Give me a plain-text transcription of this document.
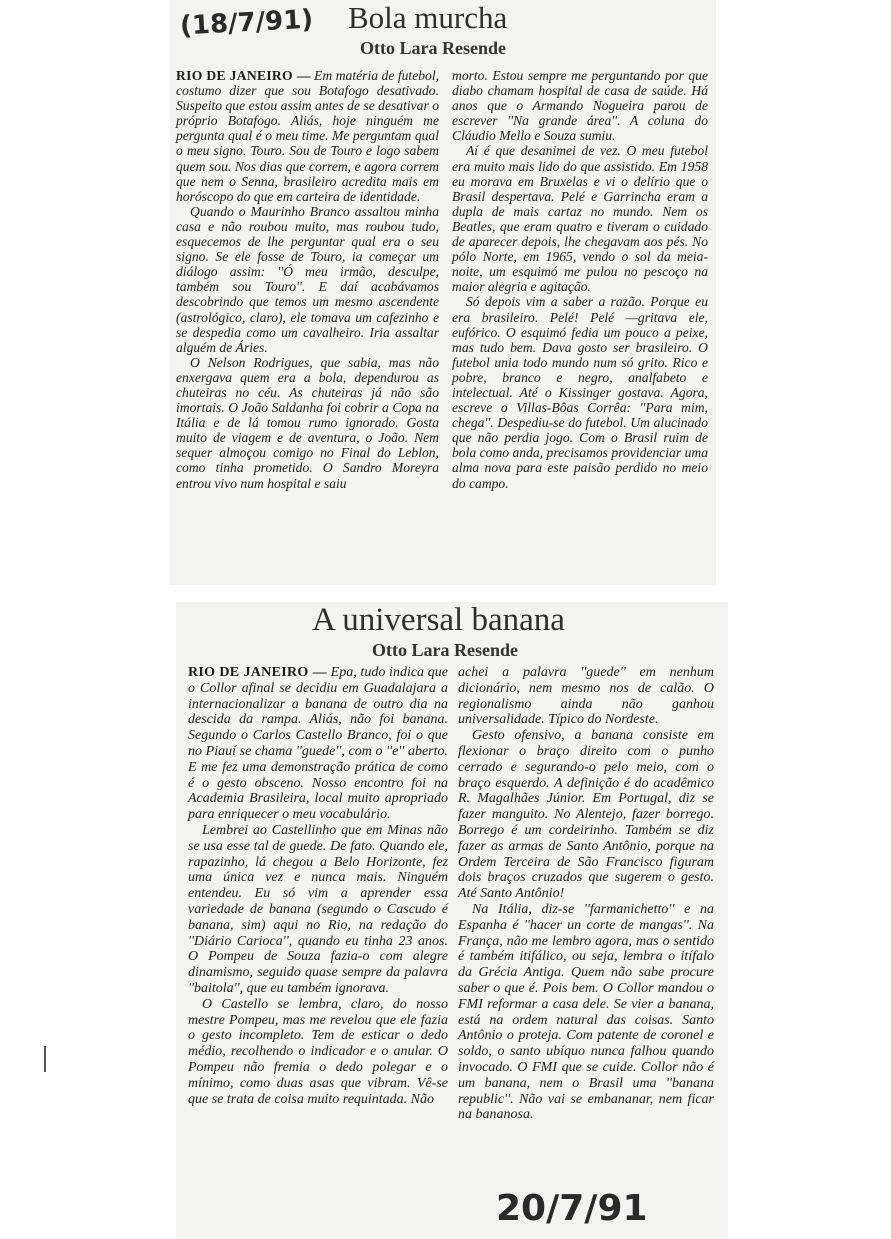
(18/7/91) Bola murcha
Otto Lara Resende

RIO DE JANEIRO — Em matéria de futebol, costumo dizer que sou Botafogo desativado. Suspeito que estou assim antes de se desativar o próprio Botafogo. Aliás, hoje ninguém me pergunta qual é o meu time. Me perguntam qual o meu signo. Touro. Sou de Touro e logo sabem quem sou. Nos dias que correm, e agora correm que nem o Senna, brasileiro acredita mais em horóscopo do que em carteira de identidade.

Quando o Maurinho Branco assaltou minha casa e não roubou muito, mas roubou tudo, esquecemos de lhe perguntar qual era o seu signo. Se ele fosse de Touro, ia começar um diálogo assim: ''Ó meu irmão, desculpe, também sou Touro''. E daí acabávamos descobrindo que temos um mesmo ascendente (astrológico, claro), ele tomava um cafezinho e se despedia como um cavalheiro. Iria assaltar alguém de Áries.

O Nelson Rodrigues, que sabia, mas não enxergava quem era a bola, dependurou as chuteiras no céu. As chuteiras já não são imortais. O João Saldanha foi cobrir a Copa na Itália e de lá tomou rumo ignorado. Gosta muito de viagem e de aventura, o João. Nem sequer almoçou comigo no Final do Leblon, como tinha prometido. O Sandro Moreyra entrou vivo num hospital e saiu

morto. Estou sempre me perguntando por que diabo chamam hospital de casa de saúde. Há anos que o Armando Nogueira parou de escrever ''Na grande área''. A coluna do Cláudio Mello e Souza sumiu.

Aí é que desanimei de vez. O meu futebol era muito mais lido do que assistido. Em 1958 eu morava em Bruxelas e vi o delírio que o Brasil despertava. Pelé e Garrincha eram a dupla de mais cartaz no mundo. Nem os Beatles, que eram quatro e tiveram o cuidado de aparecer depois, lhe chegavam aos pés. No pólo Norte, em 1965, vendo o sol da meia-noite, um esquimó me pulou no pescoço na maior alegria e agitação.

Só depois vim a saber a razão. Porque eu era brasileiro. Pelé! Pelé —gritava ele, eufórico. O esquimó fedia um pouco a peixe, mas tudo bem. Dava gosto ser brasileiro. O futebol unia todo mundo num só grito. Rico e pobre, branco e negro, analfabeto e intelectual. Até o Kissinger gostava. Agora, escreve o Villas-Bôas Corrêa: ''Para mim, chega''. Despediu-se do futebol. Um alucinado que não perdia jogo. Com o Brasil ruim de bola como anda, precisamos providenciar uma alma nova para este paisão perdido no meio do campo.

A universal banana
Otto Lara Resende

RIO DE JANEIRO — Epa, tudo indica que o Collor afinal se decidiu em Guadalajara a internacionalizar a banana de outro dia na descida da rampa. Aliás, não foi banana. Segundo o Carlos Castello Branco, foi o que no Piauí se chama ''guede'', com o ''e'' aberto. E me fez uma demonstração prática de como é o gesto obsceno. Nosso encontro foi na Academia Brasileira, local muito apropriado para enriquecer o meu vocabulário.

Lembrei ao Castellinho que em Minas não se usa esse tal de guede. De fato. Quando ele, rapazinho, lá chegou a Belo Horizonte, fez uma única vez e nunca mais. Ninguém entendeu. Eu só vim a aprender essa variedade de banana (segundo o Cascudo é banana, sim) aqui no Rio, na redação do ''Diário Carioca'', quando eu tinha 23 anos. O Pompeu de Souza fazia-o com alegre dinamismo, seguido quase sempre da palavra ''baitola'', que eu também ignorava.

O Castello se lembra, claro, do nosso mestre Pompeu, mas me revelou que ele fazia o gesto incompleto. Tem de esticar o dedo médio, recolhendo o indicador e o anular. O Pompeu não fremia o dedo polegar e o mínimo, como duas asas que vibram. Vê-se que se trata de coisa muito requintada. Não

achei a palavra ''guede'' em nenhum dicionário, nem mesmo nos de calão. O regionalismo ainda não ganhou universalidade. Típico do Nordeste.

Gesto ofensivo, a banana consiste em flexionar o braço direito com o punho cerrado e segurando-o pelo meio, com o braço esquerdo. A definição é do acadêmico R. Magalhães Júnior. Em Portugal, diz se fazer manguito. No Alentejo, fazer borrego. Borrego é um cordeirinho. Também se diz fazer as armas de Santo Antônio, porque na Ordem Terceira de São Francisco figuram dois braços cruzados que sugerem o gesto. Até Santo Antônio!

Na Itália, diz-se ''farmanichetto'' e na Espanha é ''hacer un corte de mangas''. Na França, não me lembro agora, mas o sentido é também itifálico, ou seja, lembra o itífalo da Grécia Antiga. Quem não sabe procure saber o que é. Pois bem. O Collor mandou o FMI reformar a casa dele. Se vier a banana, está na ordem natural das coisas. Santo Antônio o proteja. Com patente de coronel e soldo, o santo ubíquo nunca falhou quando invocado. O FMI que se cuide. Collor não é um banana, nem o Brasil uma ''banana republic''. Não vai se embananar, nem ficar na bananosa.

20/7/91
